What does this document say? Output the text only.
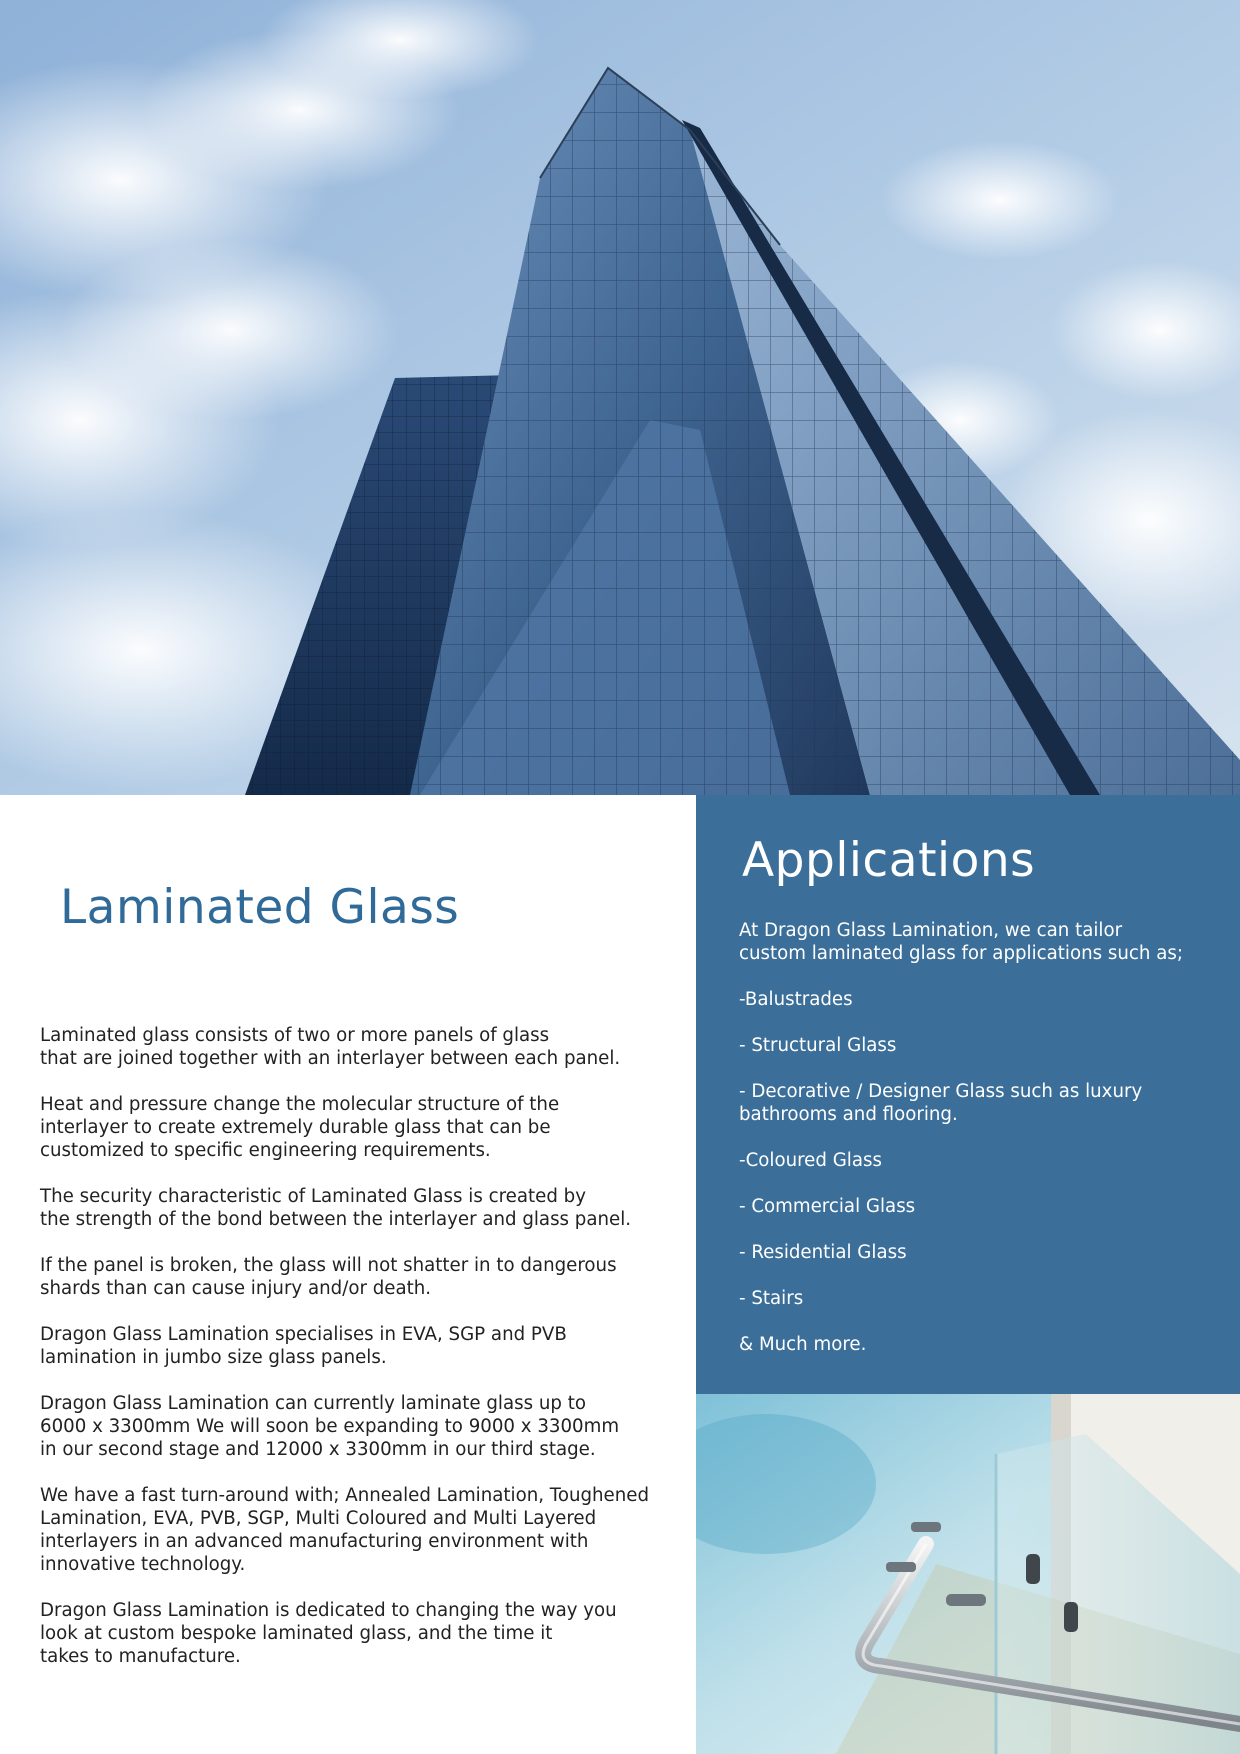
Laminated Glass

Laminated glass consists of two or more panels of glass
that are joined together with an interlayer between each panel.

Heat and pressure change the molecular structure of the
interlayer to create extremely durable glass that can be
customized to specific engineering requirements.

The security characteristic of Laminated Glass is created by
the strength of the bond between the interlayer and glass panel.

If the panel is broken, the glass will not shatter in to dangerous
shards than can cause injury and/or death.

Dragon Glass Lamination specialises in EVA, SGP and PVB
lamination in jumbo size glass panels.

Dragon Glass Lamination can currently laminate glass up to
6000 x 3300mm We will soon be expanding to 9000 x 3300mm
in our second stage and 12000 x 3300mm in our third stage.

We have a fast turn-around with; Annealed Lamination, Toughened
Lamination, EVA, PVB, SGP, Multi Coloured and Multi Layered
interlayers in an advanced manufacturing environment with
innovative technology.

Dragon Glass Lamination is dedicated to changing the way you
look at custom bespoke laminated glass, and the time it
takes to manufacture.

Applications

At Dragon Glass Lamination, we can tailor
custom laminated glass for applications such as;

-Balustrades
- Structural Glass
- Decorative / Designer Glass such as luxury
bathrooms and flooring.
-Coloured Glass
- Commercial Glass
- Residential Glass
- Stairs
& Much more.
